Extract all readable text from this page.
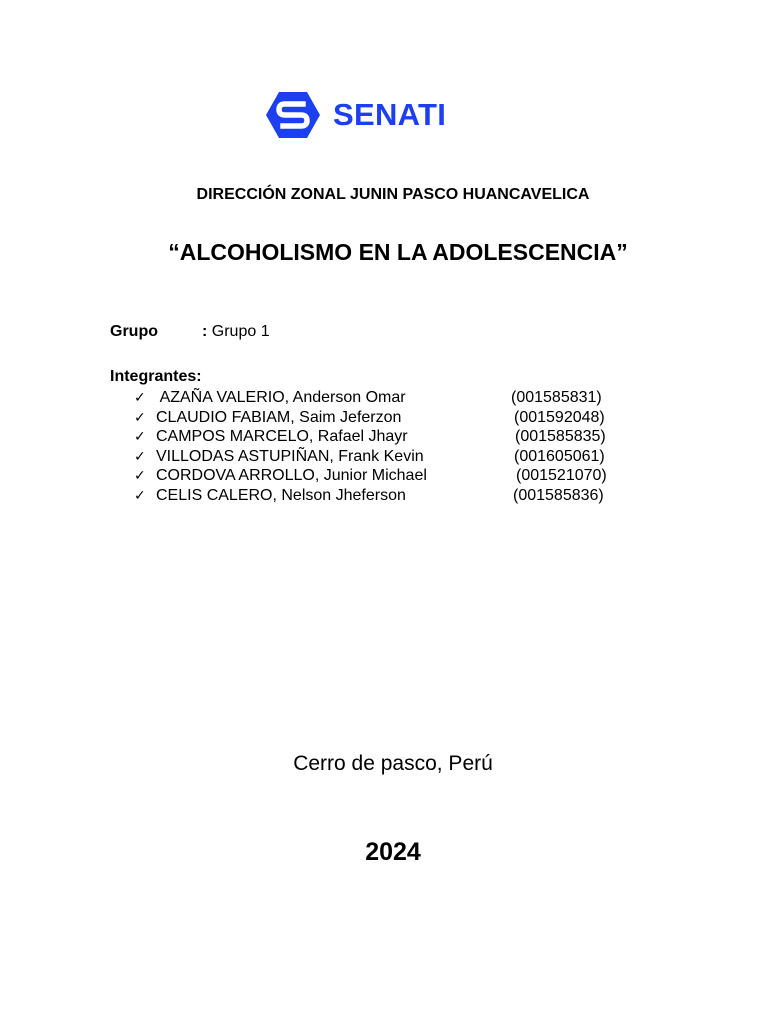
SENATI
DIRECCIÓN ZONAL JUNIN PASCO HUANCAVELICA
“ALCOHOLISMO EN LA ADOLESCENCIA”
Grupo	: Grupo 1
Integrantes:
✓ AZAÑA VALERIO, Anderson Omar	(001585831)
✓ CLAUDIO FABIAM, Saim Jeferzon	(001592048)
✓ CAMPOS MARCELO, Rafael Jhayr	(001585835)
✓ VILLODAS ASTUPIÑAN, Frank Kevin	(001605061)
✓ CORDOVA ARROLLO, Junior Michael	(001521070)
✓ CELIS CALERO, Nelson Jheferson	(001585836)
Cerro de pasco, Perú
2024
